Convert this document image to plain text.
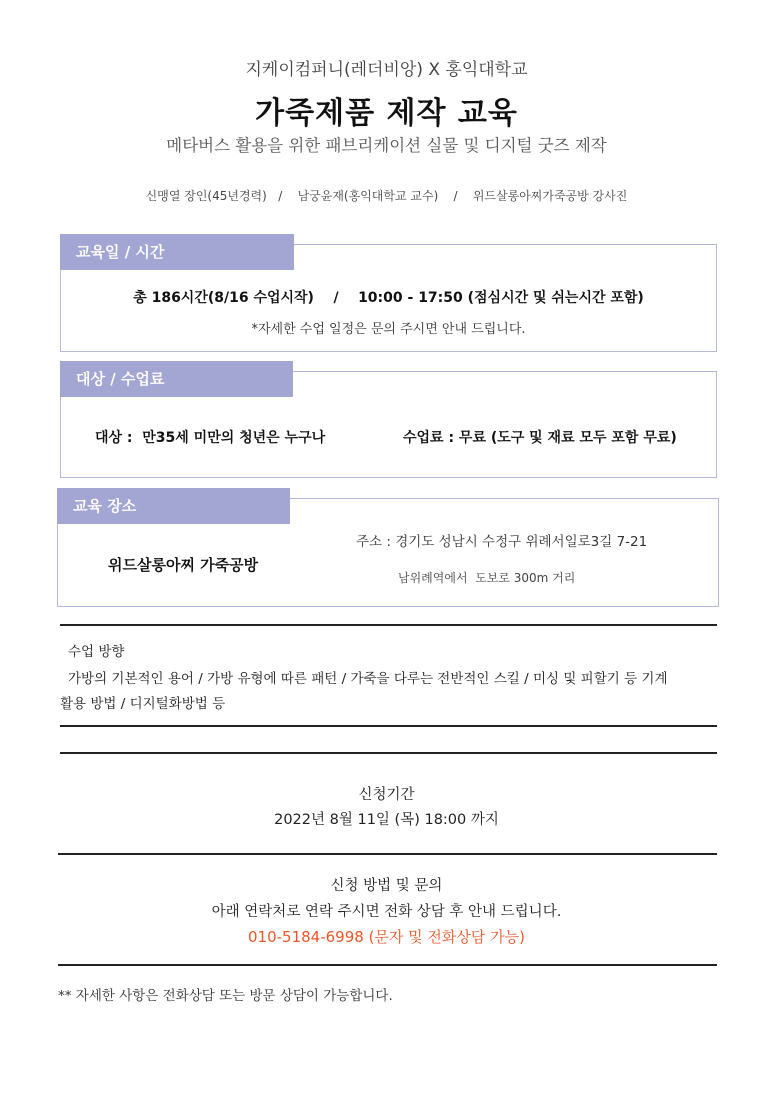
지케이컴퍼니(레더비앙) X 홍익대학교
가죽제품 제작 교육
메타버스 활용을 위한 패브리케이션 실물 및 디지털 굿즈 제작
신맹열 장인(45년경력)   /    남궁윤재(홍익대학교 교수)    /    위드살롱아찌가죽공방 강사진
총 186시간(8/16 수업시작)    /    10:00 - 17:50 (점심시간 및 쉬는시간 포함)
*자세한 수업 일정은 문의 주시면 안내 드립니다.
교육일 / 시간
대상 :  만35세 미만의 청년은 누구나	수업료 : 무료 (도구 및 재료 모두 포함 무료)
대상 / 수업료
위드살롱아찌 가죽공방
주소 : 경기도 성남시 수정구 위례서일로3길 7-21
남위례역에서  도보로 300m 거리
교육 장소
수업 방향
가방의 기본적인 용어 / 가방 유형에 따른 패턴 / 가죽을 다루는 전반적인 스킬 / 미싱 및 피할기 등 기계
활용 방법 / 디지털화방법 등
신청기간
2022년 8월 11일 (목) 18:00 까지
신청 방법 및 문의
아래 연락처로 연락 주시면 전화 상담 후 안내 드립니다.
010-5184-6998 (문자 및 전화상담 가능)
** 자세한 사항은 전화상담 또는 방문 상담이 가능합니다.
